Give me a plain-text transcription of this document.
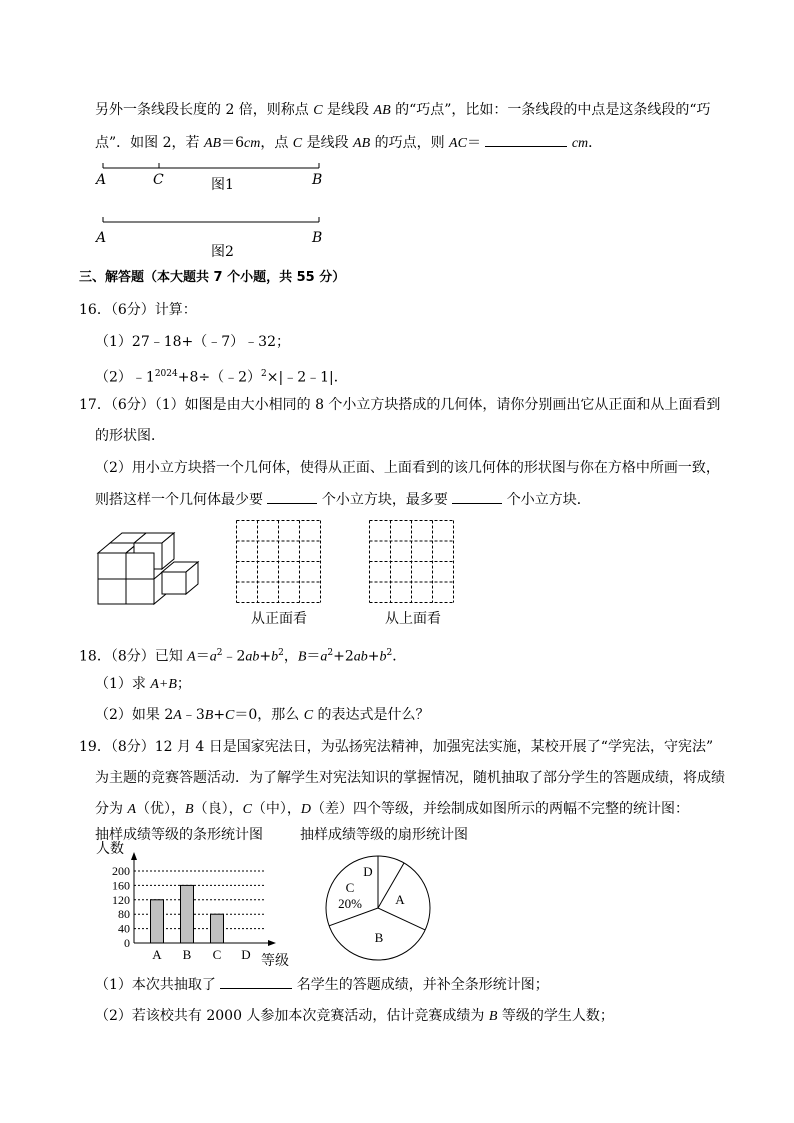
另外一条线段长度的 2 倍，则称点 C 是线段 AB 的“巧点”，比如：一条线段的中点是这条线段的“巧
点”．如图 2，若 AB＝6cm，点 C 是线段 AB 的巧点，则 AC＝	cm．
A	C	B
图1
A	B
图2
三、解答题（本大题共 7 个小题，共 55 分）
16．（6分）计算：
（1）27﹣18+（﹣7）﹣32；
$(2)﹣1^{2024}+8\div(﹣2)^2\times|﹣2﹣1|$．
17．（6分）（1）如图是由大小相同的 8 个小立方块搭成的几何体，请你分别画出它从正面和从上面看到
的形状图．
（2）用小立方块搭一个几何体，使得从正面、上面看到的该几何体的形状图与你在方格中所画一致，
则搭这样一个几何体最少要	个小立方块，最多要	个小立方块．
从正面看	从上面看
18．（8分）已知 $A=a^2﹣2ab+b^2$，$B=a^2+2ab+b^2$．
（1）求 A+B；
（2）如果 2A﹣3B+C＝0，那么 C 的表达式是什么？
19．（8分）12 月 4 日是国家宪法日，为弘扬宪法精神，加强宪法实施，某校开展了“学宪法，守宪法”
为主题的竞赛答题活动．为了解学生对宪法知识的掌握情况，随机抽取了部分学生的答题成绩，将成绩
分为 A（优），B（良），C（中），D（差）四个等级，并绘制成如图所示的两幅不完整的统计图：
抽样成绩等级的条形统计图	抽样成绩等级的扇形统计图
人数
200
160
120
80
40
0
A B C D 等级
A
B
C
D
20%
（1）本次共抽取了	名学生的答题成绩，并补全条形统计图；
（2）若该校共有 2000 人参加本次竞赛活动，估计竞赛成绩为 B 等级的学生人数；
